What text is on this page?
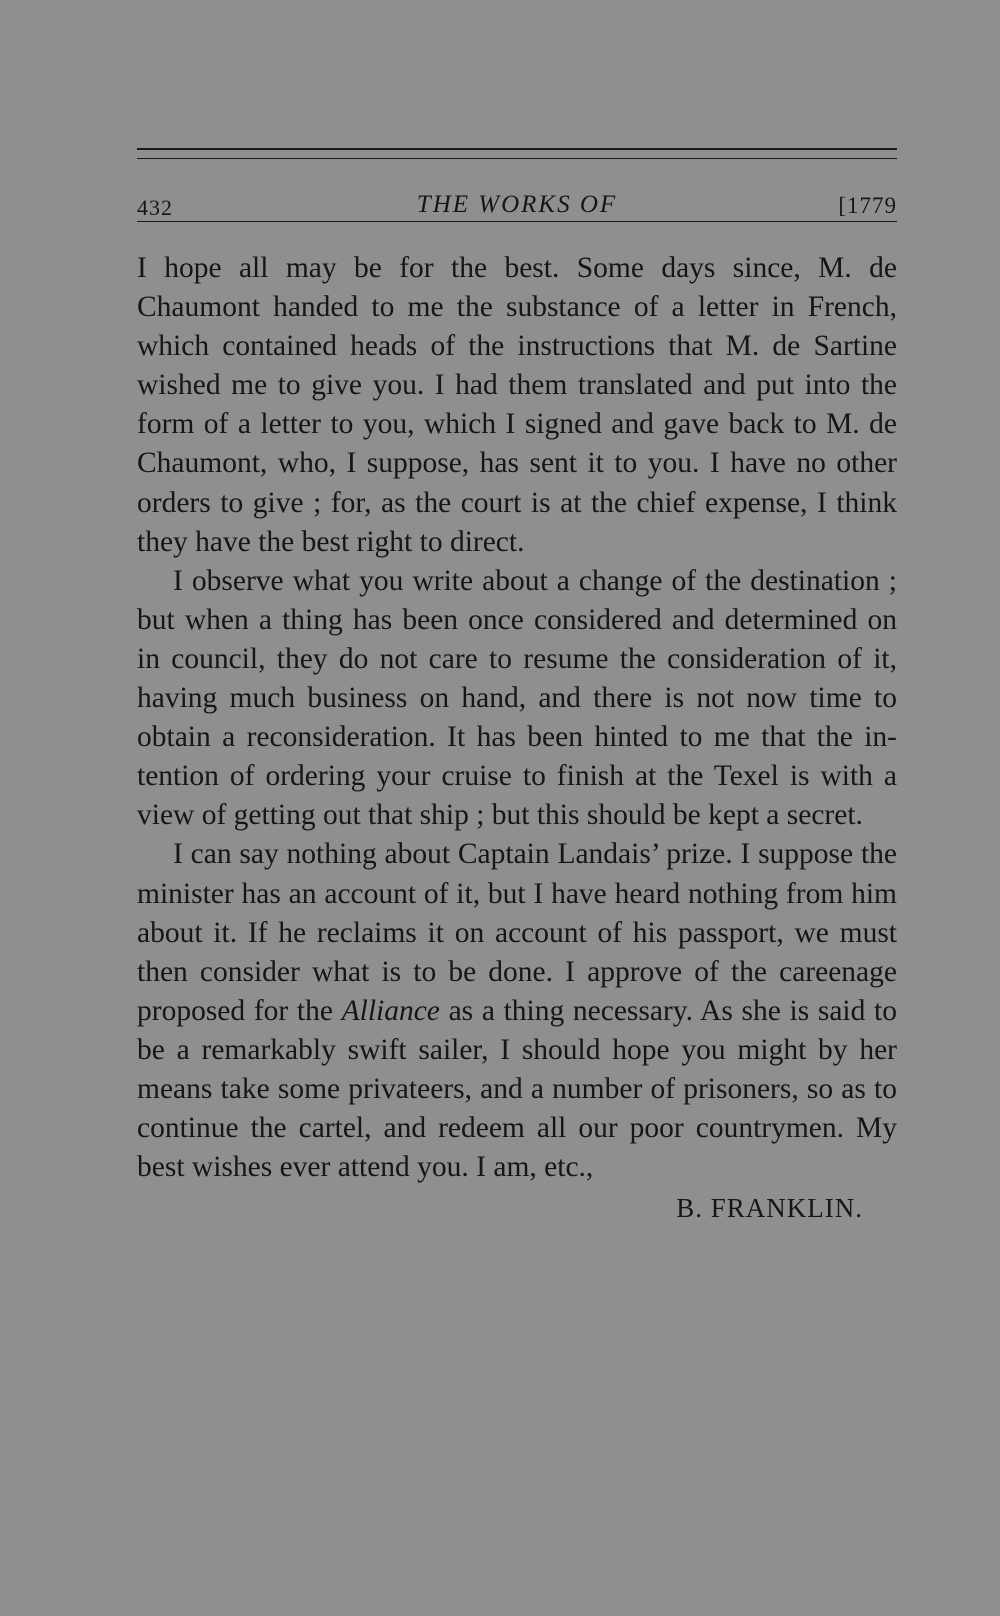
432	THE WORKS OF	[1779

I hope all may be for the best. Some days since, M. de Chaumont handed to me the substance of a letter in French, which contained heads of the instructions that M. de Sartine wished me to give you. I had them translated and put into the form of a letter to you, which I signed and gave back to M. de Chaumont, who, I suppose, has sent it to you. I have no other orders to give ; for, as the court is at the chief expense, I think they have the best right to direct.

I observe what you write about a change of the destination ; but when a thing has been once considered and determined on in council, they do not care to resume the consideration of it, having much business on hand, and there is not now time to obtain a reconsideration. It has been hinted to me that the intention of ordering your cruise to finish at the Texel is with a view of getting out that ship ; but this should be kept a secret.

I can say nothing about Captain Landais’ prize. I suppose the minister has an account of it, but I have heard nothing from him about it. If he reclaims it on account of his passport, we must then consider what is to be done. I approve of the careenage proposed for the Alliance as a thing necessary. As she is said to be a remarkably swift sailer, I should hope you might by her means take some privateers, and a number of prisoners, so as to continue the cartel, and redeem all our poor countrymen. My best wishes ever attend you. I am, etc.,

B. FRANKLIN.
